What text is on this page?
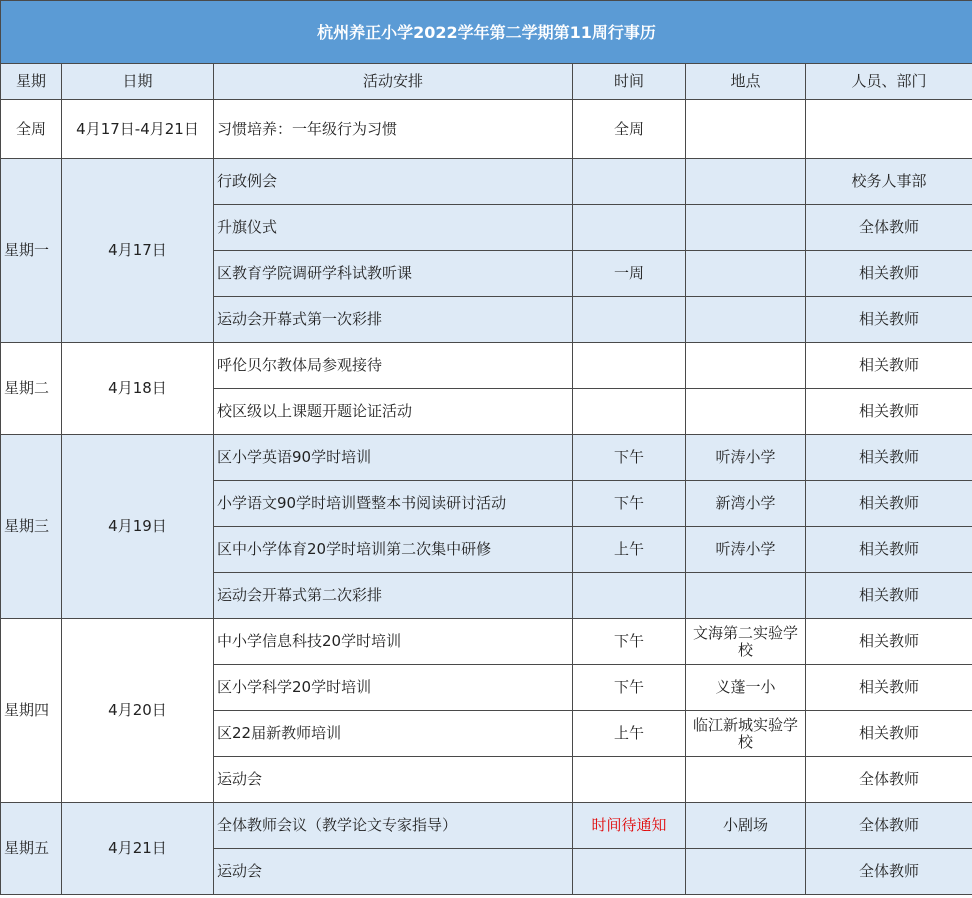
杭州养正小学2022学年第二学期第11周行事历					
星期	日期	活动安排	时间	地点	人员、部门
全周	4月17日-4月21日	习惯培养：一年级行为习惯	全周		
星期一	4月17日	行政例会			校务人事部
		升旗仪式			全体教师
		区教育学院调研学科试教听课	一周		相关教师
		运动会开幕式第一次彩排			相关教师
星期二	4月18日	呼伦贝尔教体局参观接待			相关教师
		校区级以上课题开题论证活动			相关教师
星期三	4月19日	区小学英语90学时培训	下午	听涛小学	相关教师
		小学语文90学时培训暨整本书阅读研讨活动	下午	新湾小学	相关教师
		区中小学体育20学时培训第二次集中研修	上午	听涛小学	相关教师
		运动会开幕式第二次彩排			相关教师
星期四	4月20日	中小学信息科技20学时培训	下午	文海第二实验学校	相关教师
		区小学科学20学时培训	下午	义蓬一小	相关教师
		区22届新教师培训	上午	临江新城实验学校	相关教师
		运动会			全体教师
星期五	4月21日	全体教师会议（教学论文专家指导）	时间待通知	小剧场	全体教师
		运动会			全体教师
